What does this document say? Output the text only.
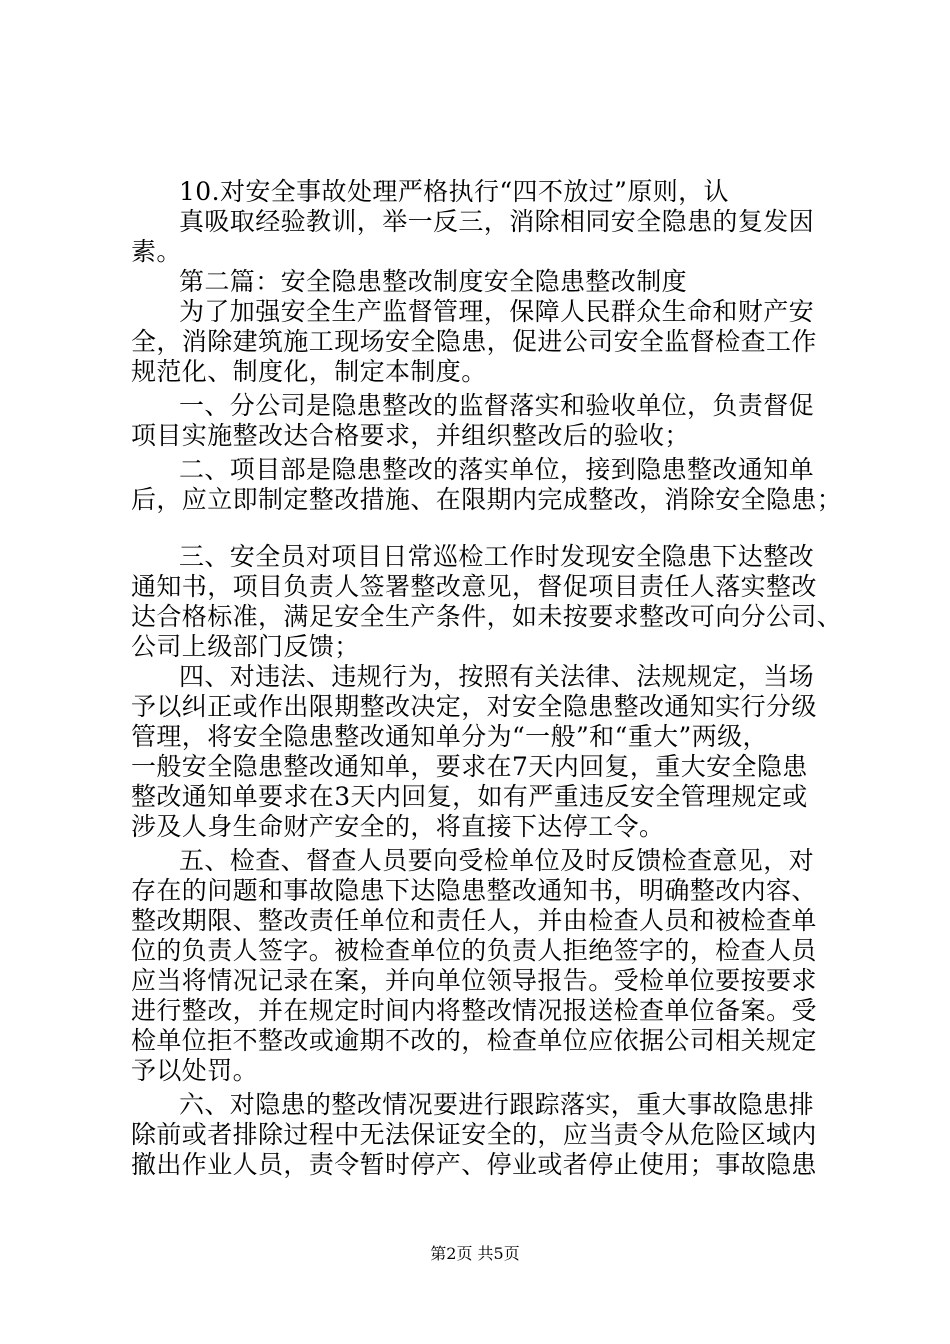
10.对安全事故处理严格执行“四不放过”原则，认
真吸取经验教训，举一反三，消除相同安全隐患的复发因
素。
第二篇：安全隐患整改制度安全隐患整改制度
为了加强安全生产监督管理，保障人民群众生命和财产安
全，消除建筑施工现场安全隐患，促进公司安全监督检查工作
规范化、制度化，制定本制度。
一、分公司是隐患整改的监督落实和验收单位，负责督促
项目实施整改达合格要求，并组织整改后的验收；
二、项目部是隐患整改的落实单位，接到隐患整改通知单
后，应立即制定整改措施、在限期内完成整改，消除安全隐患；
三、安全员对项目日常巡检工作时发现安全隐患下达整改
通知书，项目负责人签署整改意见，督促项目责任人落实整改
达合格标准，满足安全生产条件，如未按要求整改可向分公司、
公司上级部门反馈；
四、对违法、违规行为，按照有关法律、法规规定，当场
予以纠正或作出限期整改决定，对安全隐患整改通知实行分级
管理，将安全隐患整改通知单分为“一般”和“重大”两级，
一般安全隐患整改通知单，要求在7天内回复，重大安全隐患
整改通知单要求在3天内回复，如有严重违反安全管理规定或
涉及人身生命财产安全的，将直接下达停工令。
五、检查、督查人员要向受检单位及时反馈检查意见，对
存在的问题和事故隐患下达隐患整改通知书，明确整改内容、
整改期限、整改责任单位和责任人，并由检查人员和被检查单
位的负责人签字。被检查单位的负责人拒绝签字的，检查人员
应当将情况记录在案，并向单位领导报告。受检单位要按要求
进行整改，并在规定时间内将整改情况报送检查单位备案。受
检单位拒不整改或逾期不改的，检查单位应依据公司相关规定
予以处罚。
六、对隐患的整改情况要进行跟踪落实，重大事故隐患排
除前或者排除过程中无法保证安全的，应当责令从危险区域内
撤出作业人员，责令暂时停产、停业或者停止使用；事故隐患
第2页 共5页
